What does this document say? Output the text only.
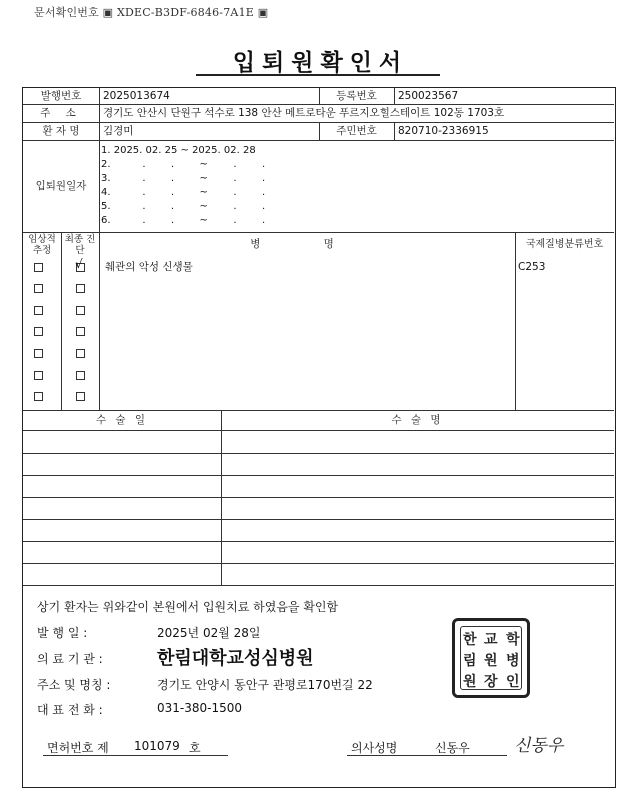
문서확인번호 ▣ XDEC-B3DF-6846-7A1E ▣
입퇴원확인서
발행번호	2025013674	등록번호	250023567
주 소	경기도 안산시 단원구 석수로 138 안산 메트로타운 푸르지오힐스테이트 102동 1703호
환 자 명	김경미	주민번호	820710-2336915
입퇴원일자
1. 2025. 02. 25 ~ 2025. 02. 28
2.          .        .        ~        .        .
3.          .        .        ~        .        .
4.          .        .        ~        .        .
5.          .        .        ~        .        .
6.          .        .        ~        .        .
임상적 추정
최종 진단
병 명	국제질병분류번호
췌관의 악성 신생물	C253
√
수 술 일	수 술 명
상기 환자는 위와같이 본원에서 입원치료 하였음을 확인함
발 행 일 :	2025년 02월 28일
의 료 기 관 :	한림대학교성심병원
주소 및 명칭 :	경기도 안양시 동안구 관평로170번길 22
대 표 전 화 :	031-380-1500
면허번호 제 101079 호	의사성명	신동우
한 교 학
림 원 병
원 장 인
신동우
